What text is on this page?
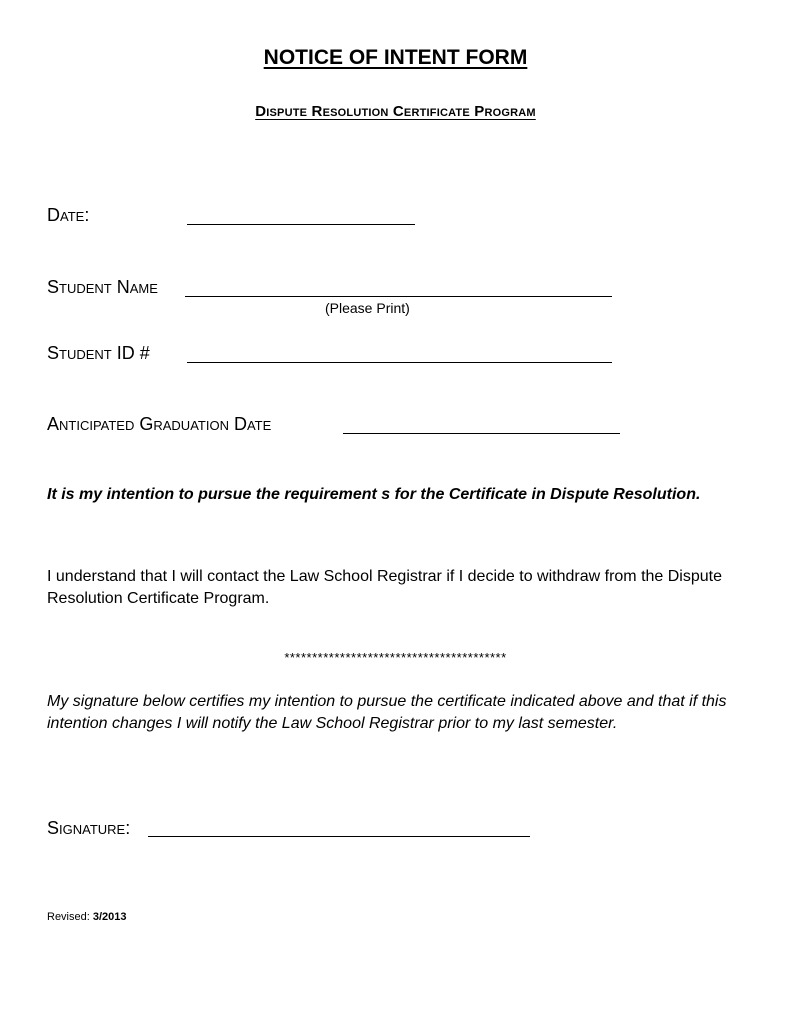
NOTICE OF INTENT FORM
Dispute Resolution Certificate Program
Date:
Student Name
(Please Print)
Student ID #
Anticipated Graduation Date
It is my intention to pursue the requirement s for the Certificate in Dispute Resolution.
I understand that I will contact the Law School Registrar if I decide to withdraw from the Dispute Resolution Certificate Program.
****************************************
My signature below certifies my intention to pursue the certificate indicated above and that if this intention changes I will notify the Law School Registrar prior to my last semester.
Signature:
Revised: 3/2013
